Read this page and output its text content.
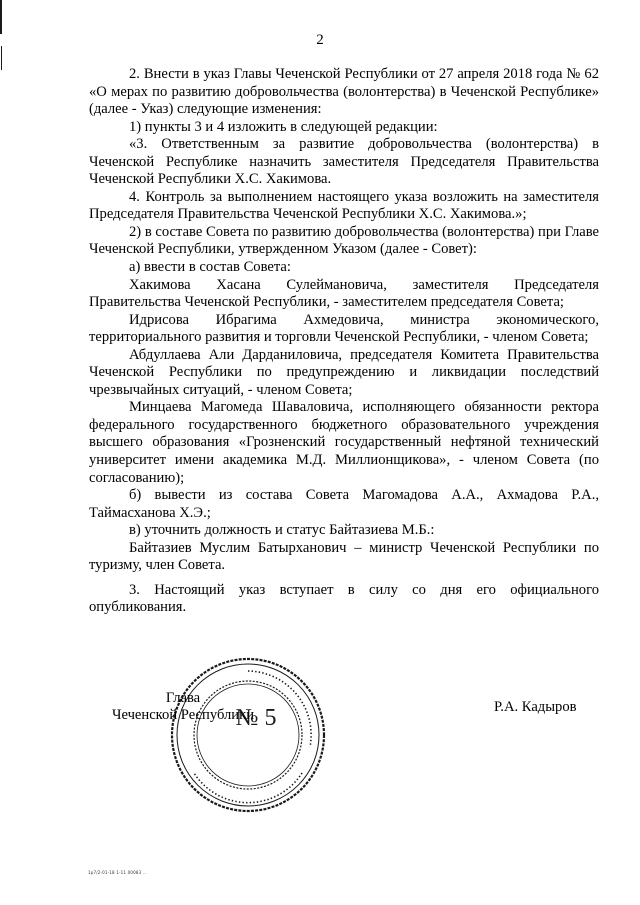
2

2. Внести в указ Главы Чеченской Республики от 27 апреля 2018 года № 62 «О мерах по развитию добровольчества (волонтерства) в Чеченской Республике» (далее - Указ) следующие изменения:

1) пункты 3 и 4 изложить в следующей редакции:

«3. Ответственным за развитие добровольчества (волонтерства) в Чеченской Республике назначить заместителя Председателя Правительства Чеченской Республики Х.С. Хакимова.

4. Контроль за выполнением настоящего указа возложить на заместителя Председателя Правительства Чеченской Республики Х.С. Хакимова.»;

2) в составе Совета по развитию добровольчества (волонтерства) при Главе Чеченской Республики, утвержденном Указом (далее - Совет):

а) ввести в состав Совета:

Хакимова Хасана Сулеймановича, заместителя Председателя Правительства Чеченской Республики, - заместителем председателя Совета;

Идрисова Ибрагима Ахмедовича, министра экономического, территориального развития и торговли Чеченской Республики, - членом Совета;

Абдуллаева Али Дарданиловича, председателя Комитета Правительства Чеченской Республики по предупреждению и ликвидации последствий чрезвычайных ситуаций, - членом Совета;

Минцаева Магомеда Шаваловича, исполняющего обязанности ректора федерального государственного бюджетного образовательного учреждения высшего образования «Грозненский государственный нефтяной технический университет имени академика М.Д. Миллионщикова», - членом Совета (по согласованию);

б) вывести из состава Совета Магомадова А.А., Ахмадова Р.А., Таймасханова Х.Э.;

в) уточнить должность и статус Байтазиева М.Б.:

Байтазиев Муслим Батырханович – министр Чеченской Республики по туризму, член Совета.

3. Настоящий указ вступает в силу со дня его официального опубликования.

№ 5
Глава
Чеченской Республики	Р.А. Кадыров
1p7/2-01-18 1-11 00083 ...
